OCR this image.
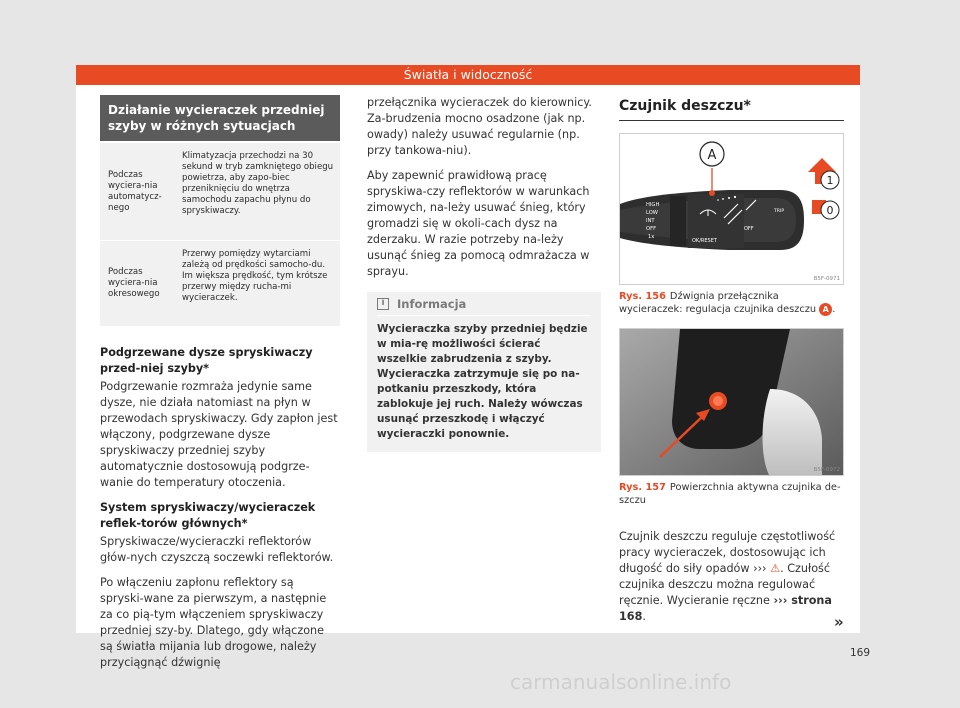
Światła i widoczność
Działanie wycieraczek przedniej szyby w różnych sytuacjach
Podczas wyciera-nia automatycz-nego
Klimatyzacja przechodzi na 30 sekund w tryb zamkniętego obiegu powietrza, aby zapo-biec przeniknięciu do wnętrza samochodu zapachu płynu do spryskiwaczy.
Podczas wyciera-nia okresowego
Przerwy pomiędzy wytarciami zależą od prędkości samocho-du. Im większa prędkość, tym krótsze przerwy między rucha-mi wycieraczek.
Podgrzewane dysze spryskiwaczy przed-niej szyby*

Podgrzewanie rozmraża jedynie same dysze, nie działa natomiast na płyn w przewodach spryskiwaczy. Gdy zapłon jest włączony, podgrzewane dysze spryskiwaczy przedniej szyby automatycznie dostosowują podgrze-wanie do temperatury otoczenia.

System spryskiwaczy/wycieraczek reflek-torów głównych*

Spryskiwacze/wycieraczki reflektorów głów-nych czyszczą soczewki reflektorów.

Po włączeniu zapłonu reflektory są spryski-wane za pierwszym, a następnie za co pią-tym włączeniem spryskiwaczy przedniej szy-by. Dlatego, gdy włączone są światła mijania lub drogowe, należy przyciągnąć dźwignię

przełącznika wycieraczek do kierownicy. Za-brudzenia mocno osadzone (jak np. owady) należy usuwać regularnie (np. przy tankowa-niu).

Aby zapewnić prawidłową pracę spryskiwa-czy reflektorów w warunkach zimowych, na-leży usuwać śnieg, który gromadzi się w okoli-cach dysz na zderzaku. W razie potrzeby na-leży usunąć śnieg za pomocą odmrażacza w sprayu.

i	Informacja
Wycieraczka szyby przedniej będzie w mia-rę możliwości ścierać wszelkie zabrudzenia z szyby. Wycieraczka zatrzymuje się po na-potkaniu przeszkody, która zablokuje jej ruch. Należy wówczas usunąć przeszkodę i włączyć wycieraczki ponownie.
Czujnik deszczu*
HIGH
LOW
INT
OFF
1x
OK/RESET
OFF
TRIP
A
1
0
B5F-0971
Rys. 156 Dźwignia przełącznika wycieraczek: regulacja czujnika deszczu A .
B5F-0972
Rys. 157 Powierzchnia aktywna czujnika de-szczu

Czujnik deszczu reguluje częstotliwość pracy wycieraczek, dostosowując ich długość do siły opadów ››› ⚠. Czułość czujnika deszczu można regulować ręcznie. Wycieranie ręczne ››› strona 168.	»
169
carmanualsonline.info
